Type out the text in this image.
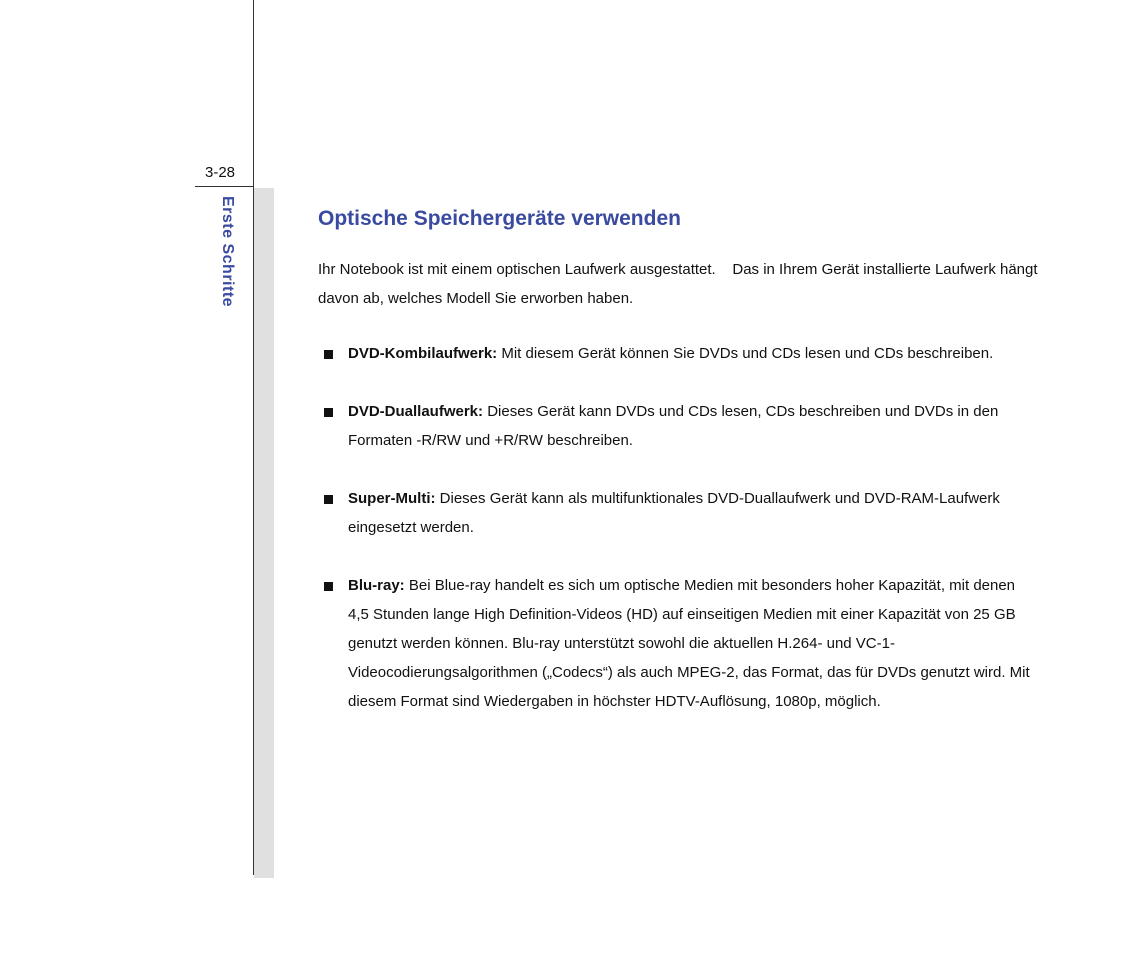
3-28
Erste Schritte	Optische Speichergeräte verwenden

Ihr Notebook ist mit einem optischen Laufwerk ausgestattet.    Das in Ihrem Gerät installierte Laufwerk hängt davon ab, welches Modell Sie erworben haben.

DVD-Kombilaufwerk: Mit diesem Gerät können Sie DVDs und CDs lesen und CDs beschreiben.
DVD-Duallaufwerk: Dieses Gerät kann DVDs und CDs lesen, CDs beschreiben und DVDs in den Formaten -R/RW und +R/RW beschreiben.
Super-Multi: Dieses Gerät kann als multifunktionales DVD-Duallaufwerk und DVD-RAM-Laufwerk eingesetzt werden.
Blu-ray: Bei Blue-ray handelt es sich um optische Medien mit besonders hoher Kapazität, mit denen 4,5 Stunden lange High Definition-Videos (HD) auf einseitigen Medien mit einer Kapazität von 25 GB genutzt werden können. Blu-ray unterstützt sowohl die aktuellen H.264- und VC-1-Videocodierungsalgorithmen („Codecs“) als auch MPEG-2, das Format, das für DVDs genutzt wird. Mit diesem Format sind Wiedergaben in höchster HDTV-Auflösung, 1080p, möglich.
